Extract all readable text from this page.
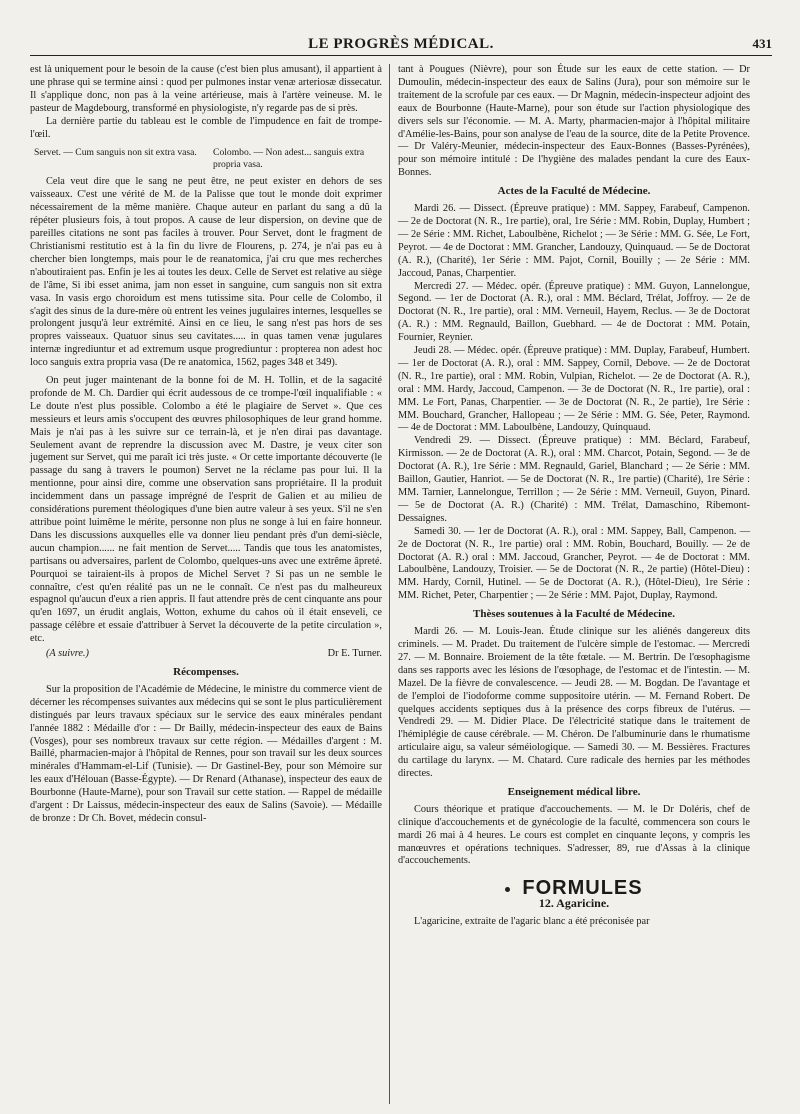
LE PROGRÈS MÉDICAL.	431

est là uniquement pour le besoin de la cause (c'est bien plus amusant), il appartient à une phrase qui se termine ainsi : quod per pulmones instar venæ arteriosæ dissecatur. Il s'applique donc, non pas à la veine artérieuse, mais à l'artère veineuse. M. le pasteur de Magdebourg, transformé en physiologiste, n'y regarde pas de si près.

La dernière partie du tableau est le comble de l'impudence en fait de trompe-l'œil.

Servet. — Cum sanguis non sit extra vasa.	Colombo. — Non adest... sanguis extra propria vasa.

Cela veut dire que le sang ne peut être, ne peut exister en dehors de ses vaisseaux. C'est une vérité de M. de la Palisse que tout le monde doit exprimer nécessairement de la même manière. Chaque auteur en parlant du sang a dû la répéter plusieurs fois, à tout propos. A cause de leur dispersion, on devine que de pareilles citations ne sont pas faciles à trouver. Pour Servet, dont le fragment de Christianismi restitutio est à la fin du livre de Flourens, p. 274, je n'ai pas eu à chercher bien longtemps, mais pour le de reanatomica, j'ai cru que mes recherches n'aboutiraient pas. Enfin je les ai toutes les deux. Celle de Servet est relative au siège de l'âme, Si ibi esset anima, jam non esset in sanguine, cum sanguis non sit extra vasa. In vasis ergo choroidum est mens tutissime sita. Pour celle de Colombo, il s'agit des sinus de la dure-mère où entrent les veines jugulaires internes, lesquelles se prolongent jusqu'à leur extrémité. Ainsi en ce lieu, le sang n'est pas hors de ses propres vaisseaux. Quatuor sinus seu cavitates..... in quas tamen venæ jugulares internæ ingrediuntur et ad extremum usque progrediuntur : propterea non adest hoc loco sanguis extra propria vasa (De re anatomica, 1562, pages 348 et 349).

On peut juger maintenant de la bonne foi de M. H. Tollin, et de la sagacité profonde de M. Ch. Dardier qui écrit audessous de ce trompe-l'œil inqualifiable : « Le doute n'est plus possible. Colombo a été le plagiaire de Servet ». Que ces messieurs et leurs amis s'occupent des œuvres philosophiques de leur grand homme. Mais je n'ai pas à les suivre sur ce terrain-là, et je n'en dirai pas davantage. Seulement avant de reprendre la discussion avec M. Dastre, je veux citer son jugement sur Servet, qui me paraît ici très juste. « Or cette importante découverte (le passage du sang à travers le poumon) Servet ne la réclame pas pour lui. Il la mentionne, pour ainsi dire, comme une observation sans propriétaire. Il la produit incidemment dans un passage imprégné de l'esprit de Galien et au milieu de considérations purement théologiques d'une bien autre valeur à ses yeux. S'il ne s'en attribue point luimême le mérite, personne non plus ne songe à lui en faire honneur. Dans les discussions auxquelles elle va donner lieu pendant près d'un demi-siècle, aucun champion...... ne fait mention de Servet..... Tandis que tous les anatomistes, partisans ou adversaires, parlent de Colombo, quelques-uns avec une extrême âpreté. Pourquoi se tairaient-ils à propos de Michel Servet ? Si pas un ne semble le connaître, c'est qu'en réalité pas un ne le connaît. Ce n'est pas du malheureux espagnol qu'aucun d'eux a rien appris. Il faut attendre près de cent cinquante ans pour qu'en 1697, un érudit anglais, Wotton, exhume du cahos où il était enseveli, ce passage célèbre et essaie d'attribuer à Servet la découverte de la petite circulation », etc.

(A suivre.)	Dr E. Turner.
Récompenses.

Sur la proposition de l'Académie de Médecine, le ministre du commerce vient de décerner les récompenses suivantes aux médecins qui se sont le plus particulièrement distingués par leurs travaux spéciaux sur le service des eaux minérales pendant l'année 1882 : Médaille d'or : — Dr Bailly, médecin-inspecteur des eaux de Bains (Vosges), pour ses nombreux travaux sur cette région. — Médailles d'argent : M. Baillé, pharmacien-major à l'hôpital de Rennes, pour son travail sur les deux sources minérales d'Hammam-el-Lif (Tunisie). — Dr Gastinel-Bey, pour son Mémoire sur les eaux d'Hélouan (Basse-Égypte). — Dr Renard (Athanase), inspecteur des eaux de Bourbonne (Haute-Marne), pour son Travail sur cette station. — Rappel de médaille d'argent : Dr Laissus, médecin-inspecteur des eaux de Salins (Savoie). — Médaille de bronze : Dr Ch. Bovet, médecin consul-

tant à Pougues (Nièvre), pour son Étude sur les eaux de cette station. — Dr Dumoulin, médecin-inspecteur des eaux de Salins (Jura), pour son mémoire sur le traitement de la scrofule par ces eaux. — Dr Magnin, médecin-inspecteur adjoint des eaux de Bourbonne (Haute-Marne), pour son étude sur l'action physiologique des divers sels sur l'économie. — M. A. Marty, pharmacien-major à l'hôpital militaire d'Amélie-les-Bains, pour son analyse de l'eau de la source, dite de la Petite Provence. — Dr Valéry-Meunier, médecin-inspecteur des Eaux-Bonnes (Basses-Pyrénées), pour son mémoire intitulé : De l'hygiène des malades pendant la cure des Eaux-Bonnes.

Actes de la Faculté de Médecine.

Mardi 26. — Dissect. (Épreuve pratique) : MM. Sappey, Farabeuf, Campenon. — 2e de Doctorat (N. R., 1re partie), oral, 1re Série : MM. Robin, Duplay, Humbert ; — 2e Série : MM. Richet, Laboulbène, Richelot ; — 3e Série : MM. G. Sée, Le Fort, Peyrot. — 4e de Doctorat : MM. Grancher, Landouzy, Quinquaud. — 5e de Doctorat (A. R.), (Charité), 1er Série : MM. Pajot, Cornil, Bouilly ; — 2e Série : MM. Jaccoud, Panas, Charpentier.

Mercredi 27. — Médec. opér. (Épreuve pratique) : MM. Guyon, Lannelongue, Segond. — 1er de Doctorat (A. R.), oral : MM. Béclard, Trélat, Joffroy. — 2e de Doctorat (N. R., 1re partie), oral : MM. Verneuil, Hayem, Reclus. — 3e de Doctorat (A. R.) : MM. Regnauld, Baillon, Guebhard. — 4e de Doctorat : MM. Potain, Fournier, Reynier.

Jeudi 28. — Médec. opér. (Épreuve pratique) : MM. Duplay, Farabeuf, Humbert. — 1er de Doctorat (A. R.), oral : MM. Sappey, Cornil, Debove. — 2e de Doctorat (N. R., 1re partie), oral : MM. Robin, Vulpian, Richelot. — 2e de Doctorat (A. R.), oral : MM. Hardy, Jaccoud, Campenon. — 3e de Doctorat (N. R., 1re partie), oral : MM. Le Fort, Panas, Charpentier. — 3e de Doctorat (N. R., 2e partie), 1re Série : MM. Bouchard, Grancher, Hallopeau ; — 2e Série : MM. G. Sée, Peter, Raymond. — 4e de Doctorat : MM. Laboulbène, Landouzy, Quinquaud.

Vendredi 29. — Dissect. (Épreuve pratique) : MM. Béclard, Farabeuf, Kirmisson. — 2e de Doctorat (A. R.), oral : MM. Charcot, Potain, Segond. — 3e de Doctorat (A. R.), 1re Série : MM. Regnauld, Gariel, Blanchard ; — 2e Série : MM. Baillon, Gautier, Hanriot. — 5e de Doctorat (N. R., 1re partie) (Charité), 1re Série : MM. Tarnier, Lannelongue, Terrillon ; — 2e Série : MM. Verneuil, Guyon, Pinard. — 5e de Doctorat (A. R.) (Charité) : MM. Trélat, Damaschino, Ribemont-Dessaignes.

Samedi 30. — 1er de Doctorat (A. R.), oral : MM. Sappey, Ball, Campenon. — 2e de Doctorat (N. R., 1re partie) oral : MM. Robin, Bouchard, Bouilly. — 2e de Doctorat (A. R.) oral : MM. Jaccoud, Grancher, Peyrot. — 4e de Doctorat : MM. Laboulbène, Landouzy, Troisier. — 5e de Doctorat (N. R., 2e partie) (Hôtel-Dieu) : MM. Hardy, Cornil, Hutinel. — 5e de Doctorat (A. R.), (Hôtel-Dieu), 1re Série : MM. Richet, Peter, Charpentier ; — 2e Série : MM. Pajot, Duplay, Raymond.

Thèses soutenues à la Faculté de Médecine.

Mardi 26. — M. Louis-Jean. Étude clinique sur les aliénés dangereux dits criminels. — M. Pradet. Du traitement de l'ulcère simple de l'estomac. — Mercredi 27. — M. Bonnaire. Broiement de la tête fœtale. — M. Bertrin. De l'œsophagisme dans ses rapports avec les lésions de l'œsophage, de l'estomac et de l'intestin. — M. Mazel. De la fièvre de convalescence. — Jeudi 28. — M. Bogdan. De l'avantage et de l'emploi de l'iodoforme comme suppositoire utérin. — M. Fernand Robert. De quelques accidents septiques dus à la présence des corps fibreux de l'utérus. — Vendredi 29. — M. Didier Place. De l'électricité statique dans le traitement de l'hémiplégie de cause cérébrale. — M. Chéron. De l'albuminurie dans le rhumatisme articulaire aigu, sa valeur séméiologique. — Samedi 30. — M. Bessières. Fractures du cartilage du larynx. — M. Chatard. Cure radicale des hernies par les méthodes directes.

Enseignement médical libre.

Cours théorique et pratique d'accouchements. — M. le Dr Doléris, chef de clinique d'accouchements et de gynécologie de la faculté, commencera son cours le mardi 26 mai à 4 heures. Le cours est complet en cinquante leçons, y compris les manœuvres et opérations techniques. S'adresser, 89, rue d'Assas à la clinique d'accouchements.

FORMULES
12. Agaricine.

L'agaricine, extraite de l'agaric blanc a été préconisée par
